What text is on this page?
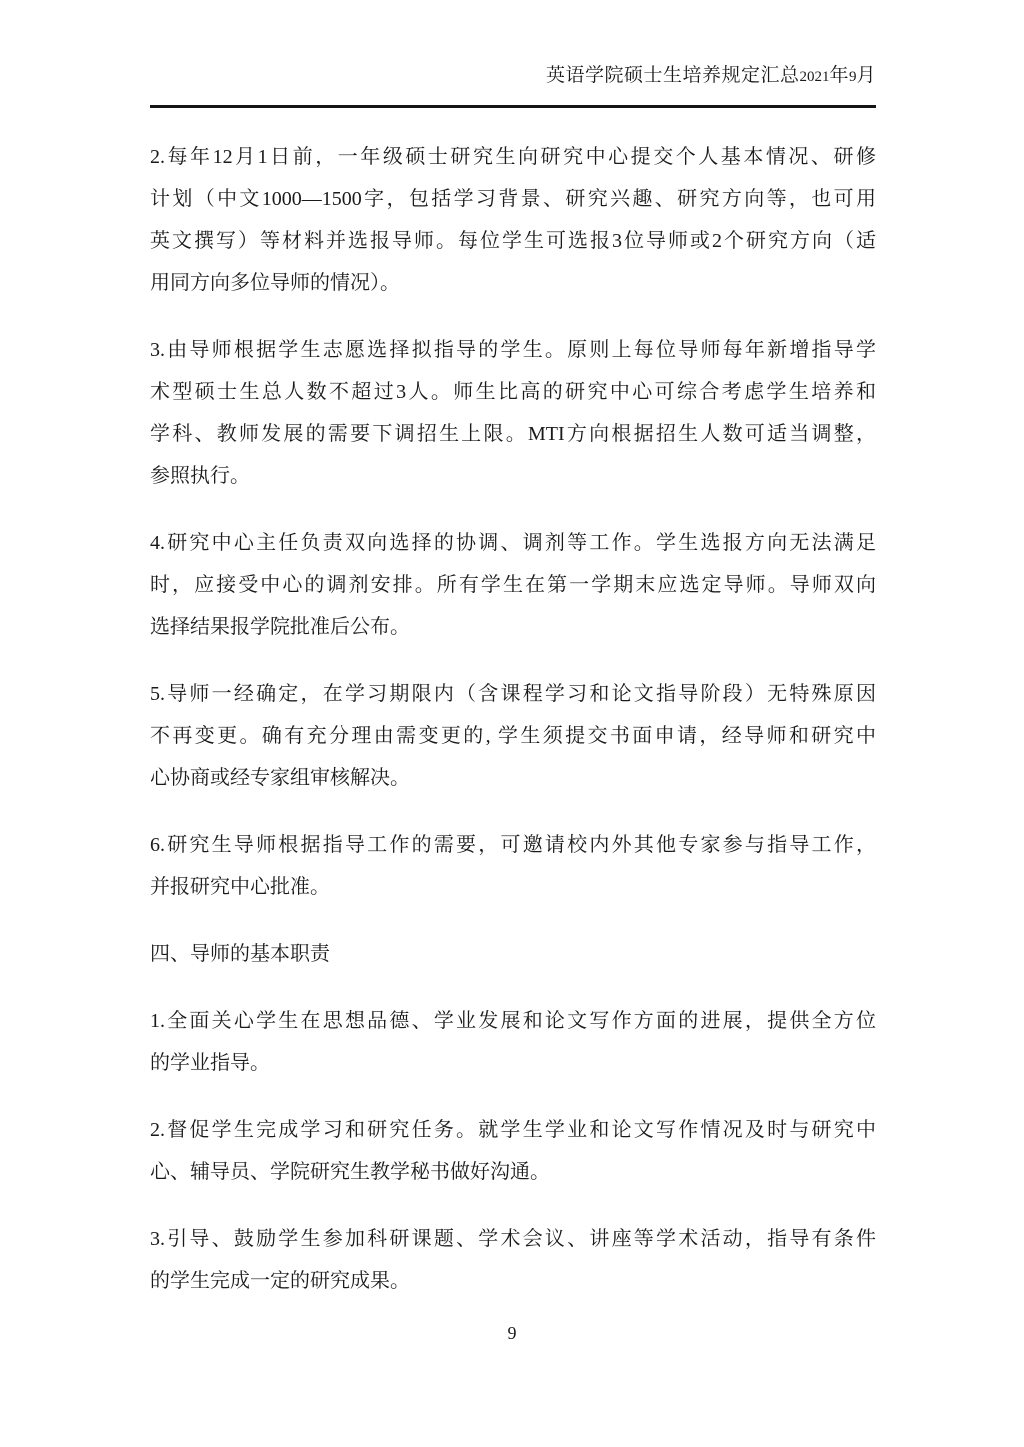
英语学院硕士生培养规定汇总2021年9月

2.每年12月1日前，一年级硕士研究生向研究中心提交个人基本情况、研修
计划（中文1000—1500字，包括学习背景、研究兴趣、研究方向等，也可用
英文撰写）等材料并选报导师。每位学生可选报3位导师或2个研究方向（适
用同方向多位导师的情况）。

3.由导师根据学生志愿选择拟指导的学生。原则上每位导师每年新增指导学
术型硕士生总人数不超过3人。师生比高的研究中心可综合考虑学生培养和
学科、教师发展的需要下调招生上限。MTI方向根据招生人数可适当调整，
参照执行。

4.研究中心主任负责双向选择的协调、调剂等工作。学生选报方向无法满足
时，应接受中心的调剂安排。所有学生在第一学期末应选定导师。导师双向
选择结果报学院批准后公布。

5.导师一经确定，在学习期限内（含课程学习和论文指导阶段）无特殊原因
不再变更。确有充分理由需变更的, 学生须提交书面申请，经导师和研究中
心协商或经专家组审核解决。

6.研究生导师根据指导工作的需要，可邀请校内外其他专家参与指导工作，
并报研究中心批准。

四、导师的基本职责

1.全面关心学生在思想品德、学业发展和论文写作方面的进展，提供全方位
的学业指导。

2.督促学生完成学习和研究任务。就学生学业和论文写作情况及时与研究中
心、辅导员、学院研究生教学秘书做好沟通。

3.引导、鼓励学生参加科研课题、学术会议、讲座等学术活动，指导有条件
的学生完成一定的研究成果。

9
